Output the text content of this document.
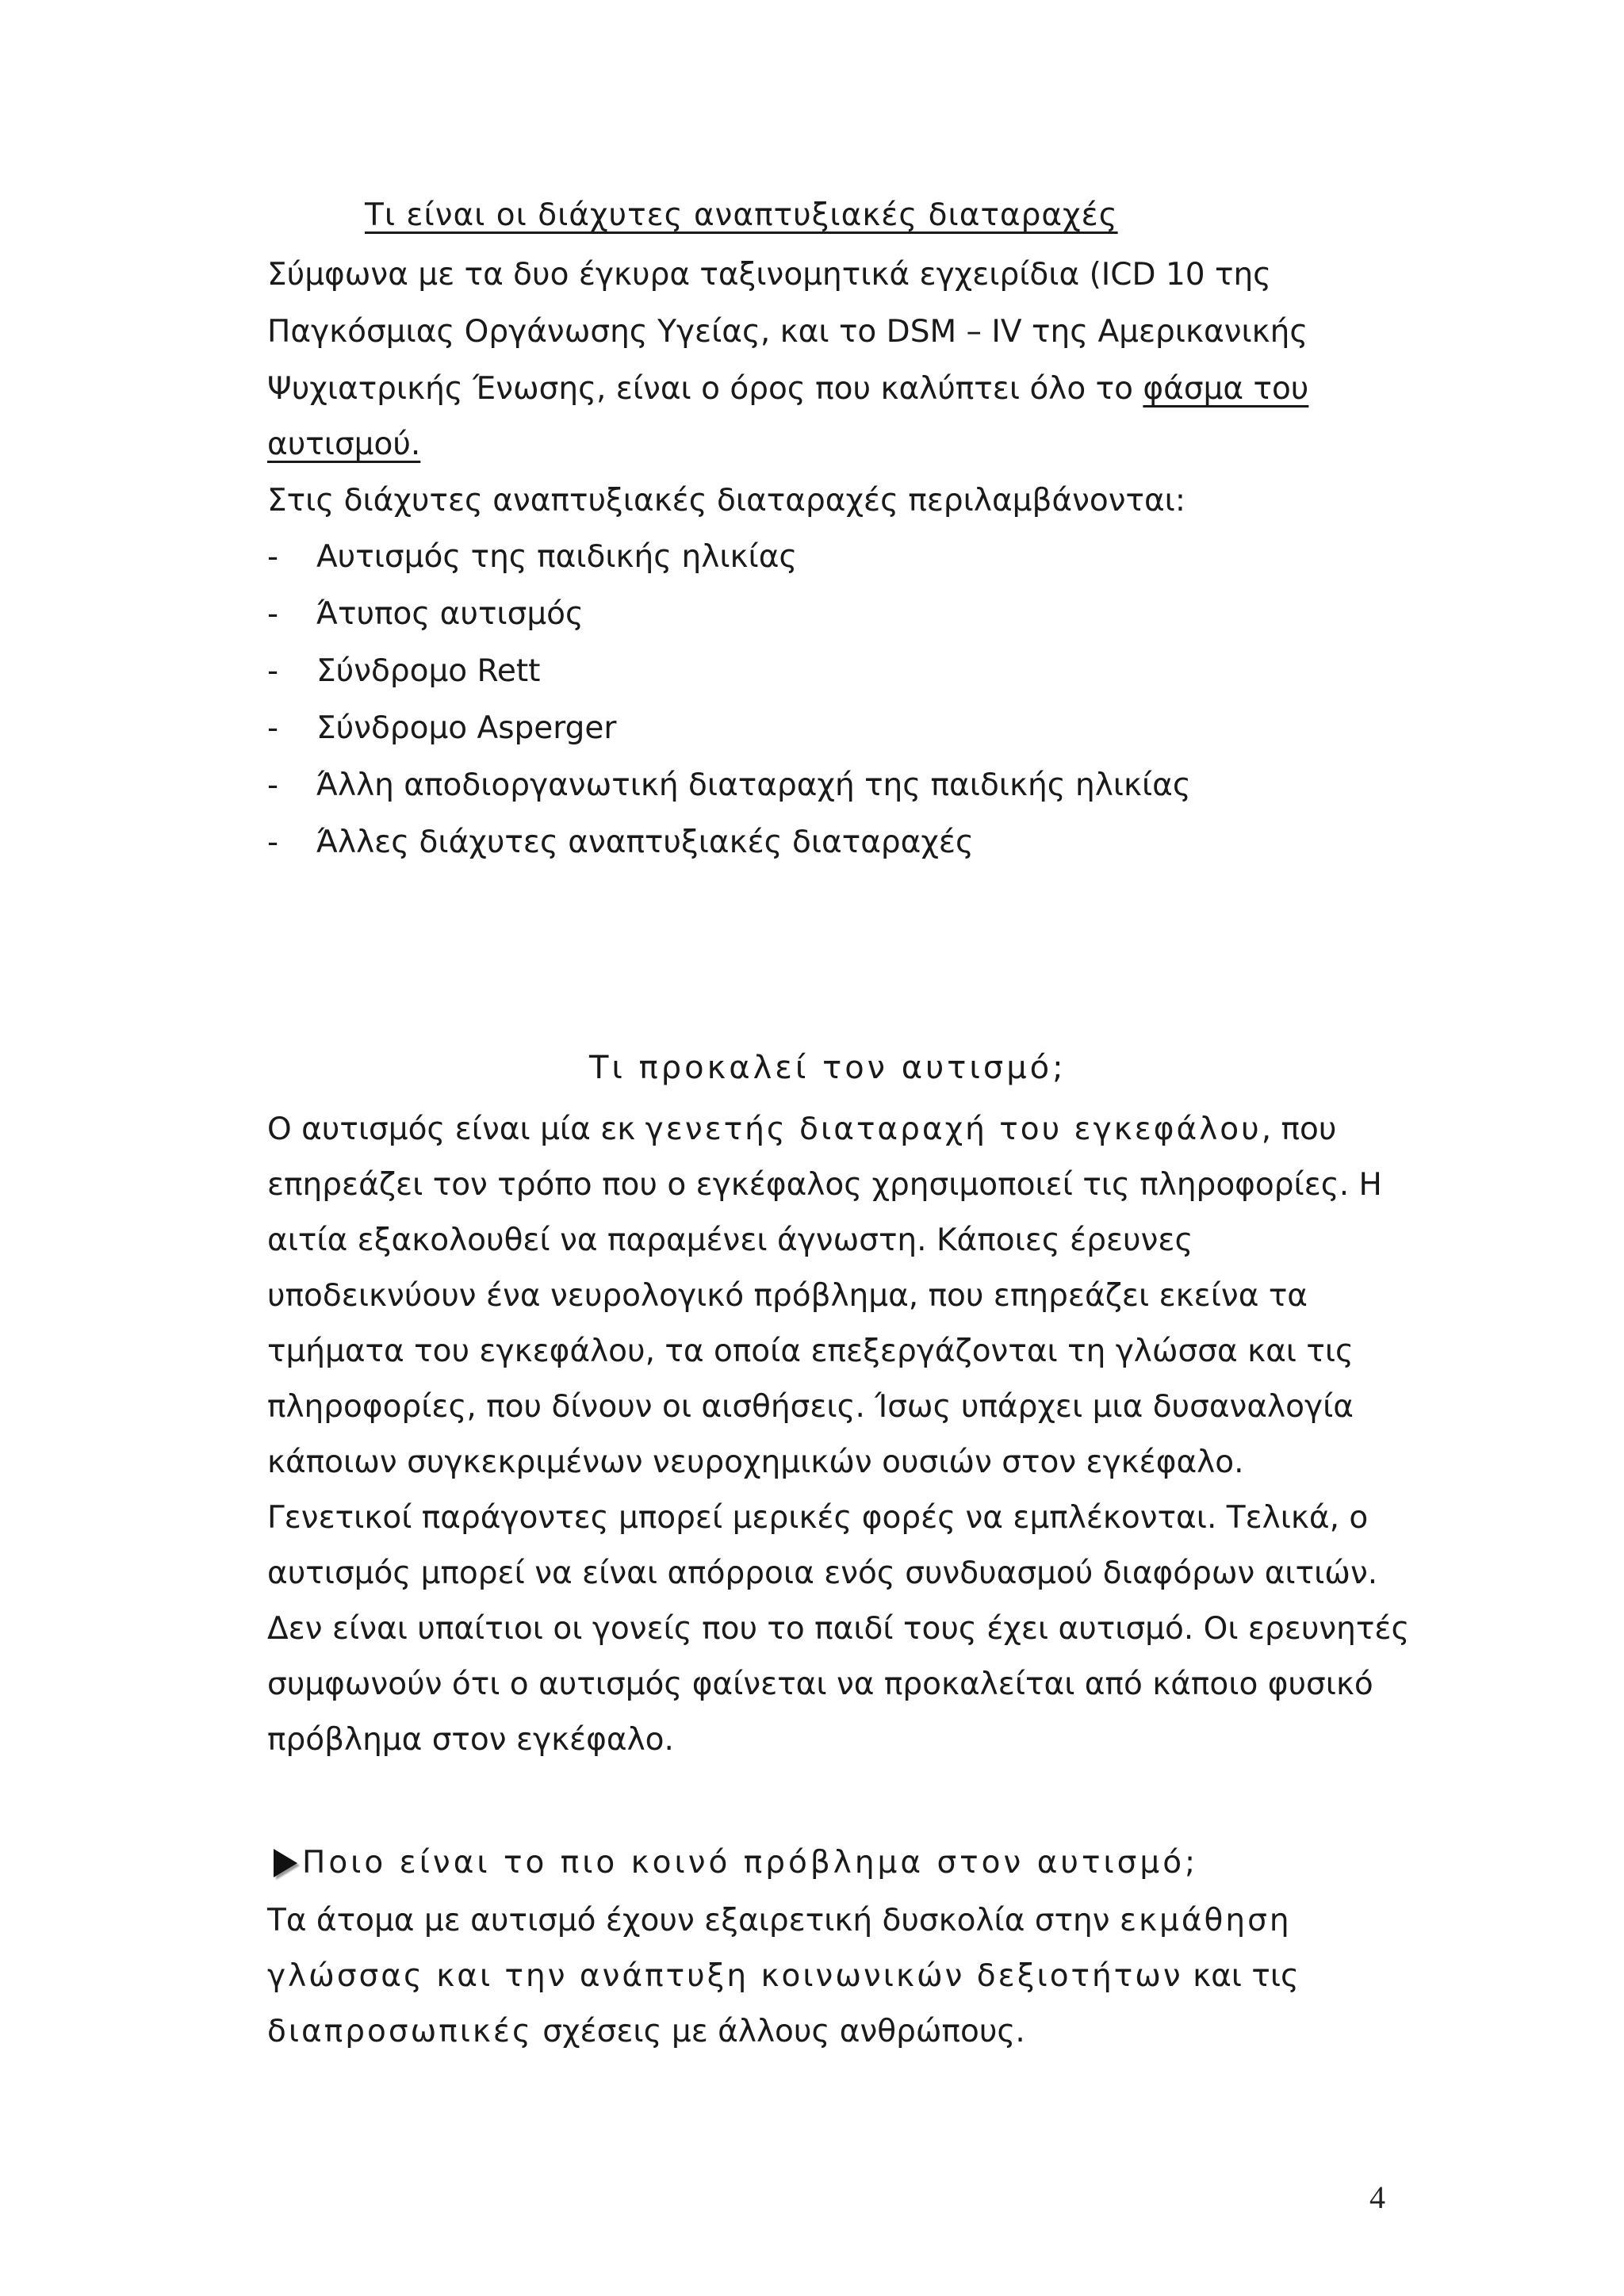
Τι είναι οι διάχυτες αναπτυξιακές διαταραχές
Σύμφωνα με τα δυο έγκυρα ταξινομητικά εγχειρίδια (ICD 10 της
Παγκόσμιας Οργάνωσης Υγείας, και το DSM – IV της Αμερικανικής
Ψυχιατρικής Ένωσης, είναι ο όρος που καλύπτει όλο το φάσμα του
αυτισμού.
Στις διάχυτες αναπτυξιακές διαταραχές περιλαμβάνονται:
- Αυτισμός της παιδικής ηλικίας
- Άτυπος αυτισμός
- Σύνδρομο Rett
- Σύνδρομο Asperger
- Άλλη αποδιοργανωτική διαταραχή της παιδικής ηλικίας
- Άλλες διάχυτες αναπτυξιακές διαταραχές
Τι προκαλεί τον αυτισμό;
Ο αυτισμός είναι μία εκ γενετής διαταραχή του εγκεφάλου, που
επηρεάζει τον τρόπο που ο εγκέφαλος χρησιμοποιεί τις πληροφορίες. Η
αιτία εξακολουθεί να παραμένει άγνωστη. Κάποιες έρευνες
υποδεικνύουν ένα νευρολογικό πρόβλημα, που επηρεάζει εκείνα τα
τμήματα του εγκεφάλου, τα οποία επεξεργάζονται τη γλώσσα και τις
πληροφορίες, που δίνουν οι αισθήσεις. Ίσως υπάρχει μια δυσαναλογία
κάποιων συγκεκριμένων νευροχημικών ουσιών στον εγκέφαλο.
Γενετικοί παράγοντες μπορεί μερικές φορές να εμπλέκονται. Τελικά, ο
αυτισμός μπορεί να είναι απόρροια ενός συνδυασμού διαφόρων αιτιών.
Δεν είναι υπαίτιοι οι γονείς που το παιδί τους έχει αυτισμό. Οι ερευνητές
συμφωνούν ότι ο αυτισμός φαίνεται να προκαλείται από κάποιο φυσικό
πρόβλημα στον εγκέφαλο.
Ποιο είναι το πιο κοινό πρόβλημα στον αυτισμό;
Τα άτομα με αυτισμό έχουν εξαιρετική δυσκολία στην εκμάθηση
γλώσσας και την ανάπτυξη κοινωνικών δεξιοτήτων και τις
διαπροσωπικές σχέσεις με άλλους ανθρώπους.
4
